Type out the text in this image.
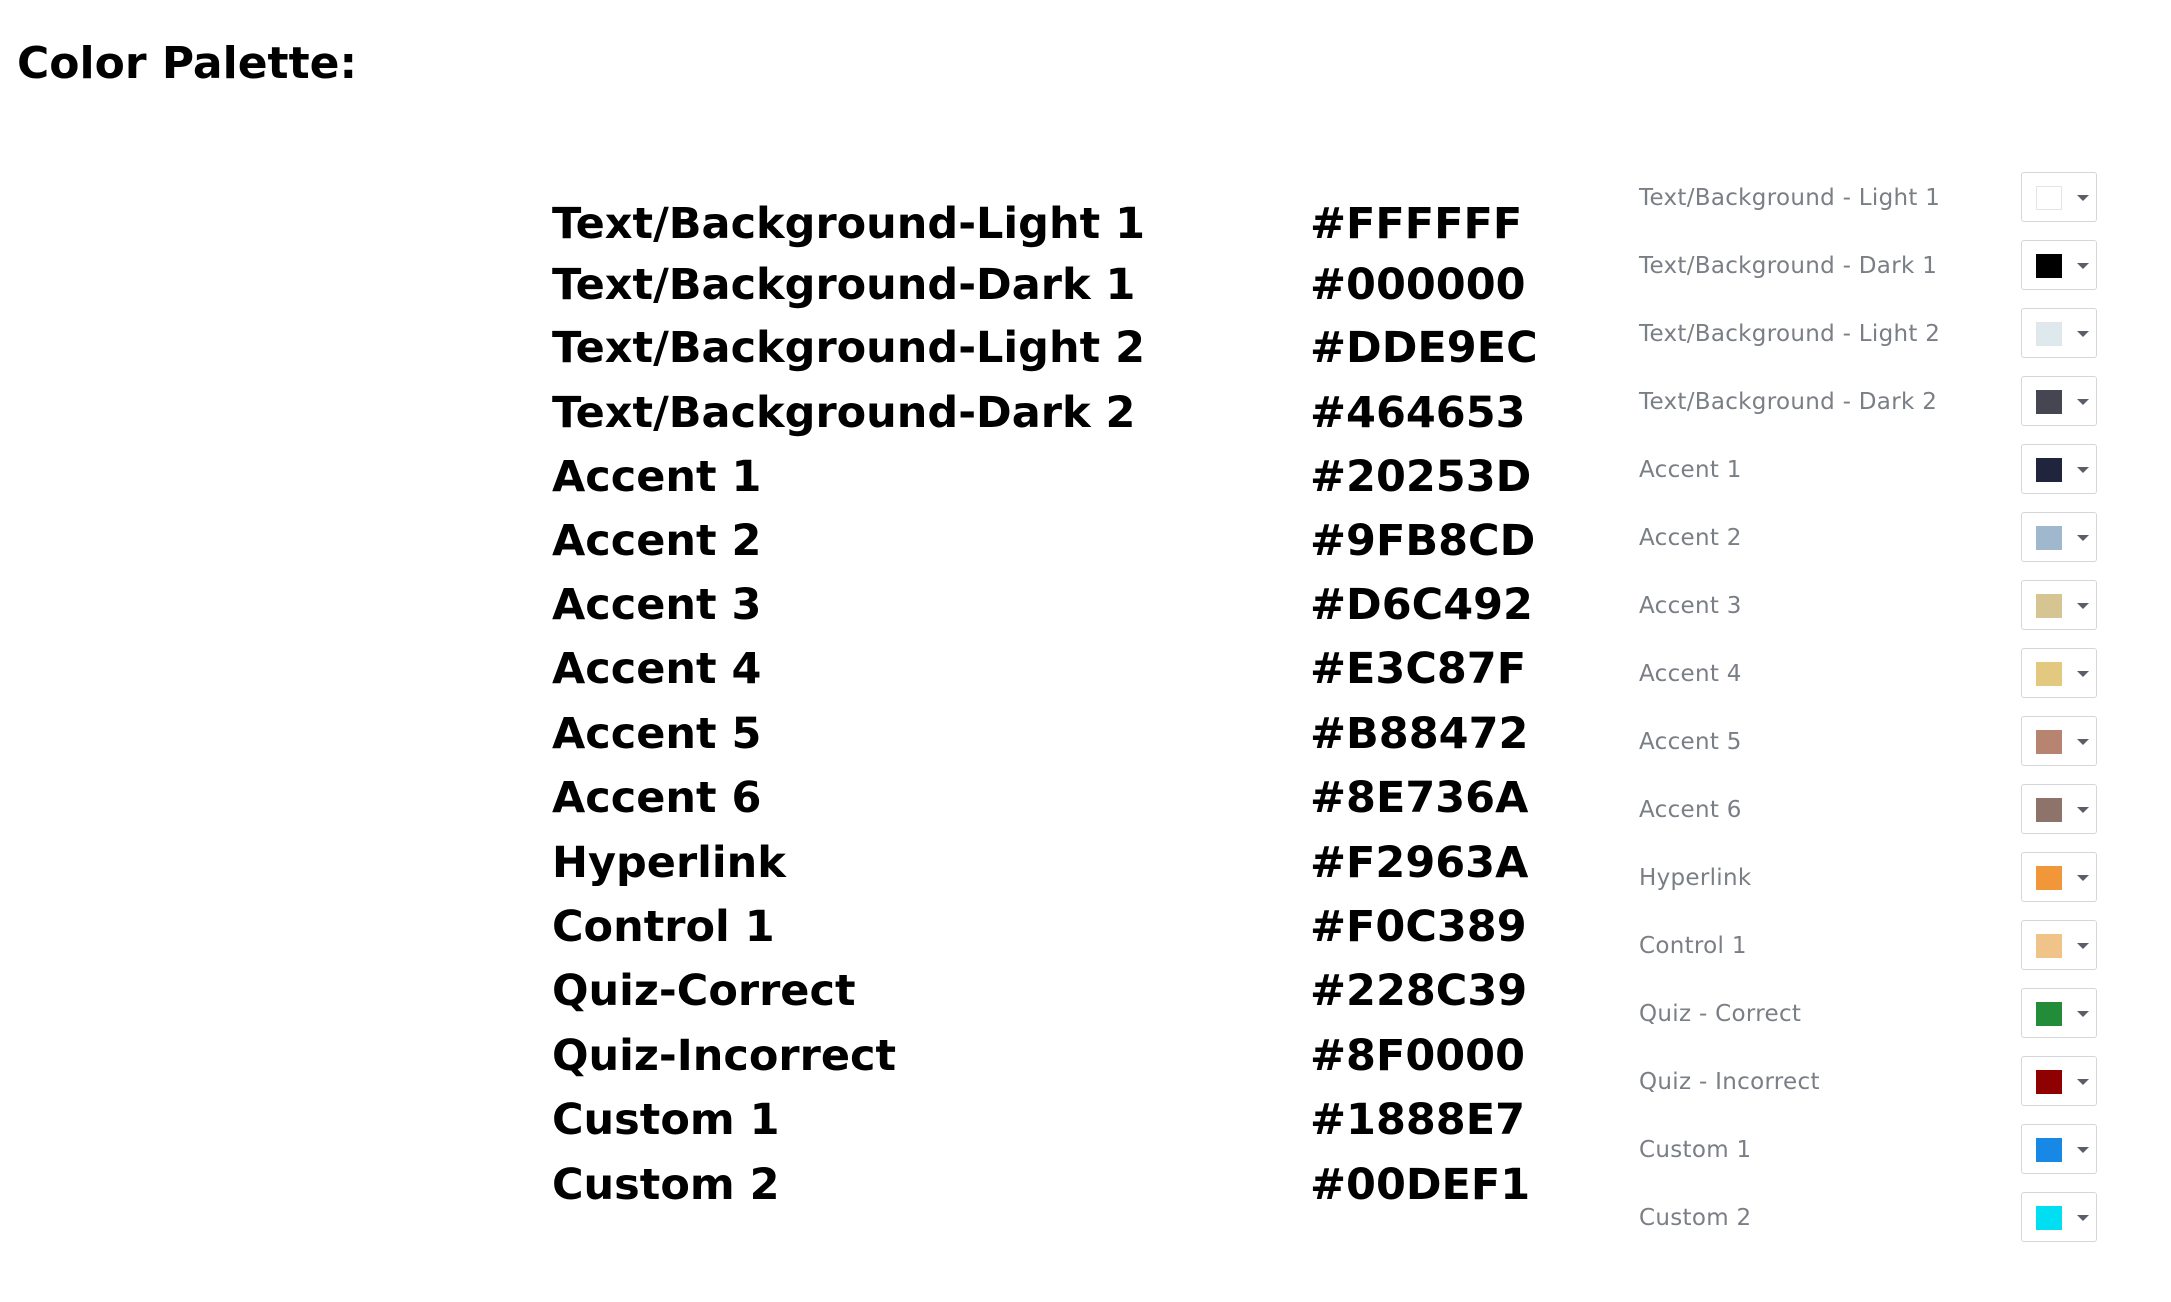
Color Palette:
Text/Background-Light 1	#FFFFFF
Text/Background-Dark 1	#000000
Text/Background-Light 2	#DDE9EC
Text/Background-Dark 2	#464653
Accent 1	#20253D
Accent 2	#9FB8CD
Accent 3	#D6C492
Accent 4	#E3C87F
Accent 5	#B88472
Accent 6	#8E736A
Hyperlink	#F2963A
Control 1	#F0C389
Quiz-Correct	#228C39
Quiz-Incorrect	#8F0000
Custom 1	#1888E7
Custom 2	#00DEF1
Text/Background - Light 1
Text/Background - Dark 1
Text/Background - Light 2
Text/Background - Dark 2
Accent 1
Accent 2
Accent 3
Accent 4
Accent 5
Accent 6
Hyperlink
Control 1
Quiz - Correct
Quiz - Incorrect
Custom 1
Custom 2
